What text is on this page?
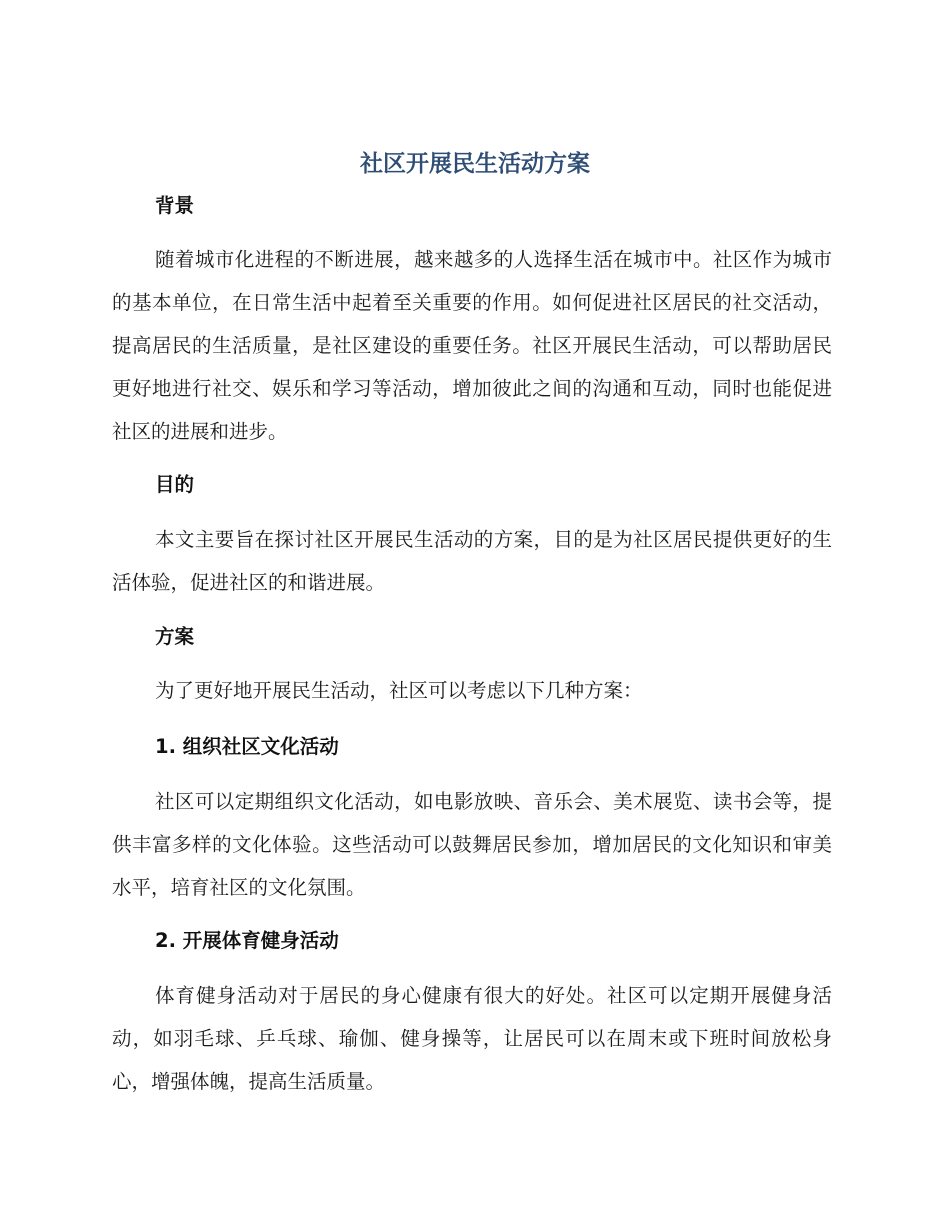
社区开展民生活动方案
背景

随着城市化进程的不断进展，越来越多的人选择生活在城市中。社区作为城市的基本单位，在日常生活中起着至关重要的作用。如何促进社区居民的社交活动，提高居民的生活质量，是社区建设的重要任务。社区开展民生活动，可以帮助居民更好地进行社交、娱乐和学习等活动，增加彼此之间的沟通和互动，同时也能促进社区的进展和进步。

目的

本文主要旨在探讨社区开展民生活动的方案，目的是为社区居民提供更好的生活体验，促进社区的和谐进展。

方案

为了更好地开展民生活动，社区可以考虑以下几种方案：

1. 组织社区文化活动

社区可以定期组织文化活动，如电影放映、音乐会、美术展览、读书会等，提供丰富多样的文化体验。这些活动可以鼓舞居民参加，增加居民的文化知识和审美水平，培育社区的文化氛围。

2. 开展体育健身活动

体育健身活动对于居民的身心健康有很大的好处。社区可以定期开展健身活动，如羽毛球、乒乓球、瑜伽、健身操等，让居民可以在周末或下班时间放松身心，增强体魄，提高生活质量。
